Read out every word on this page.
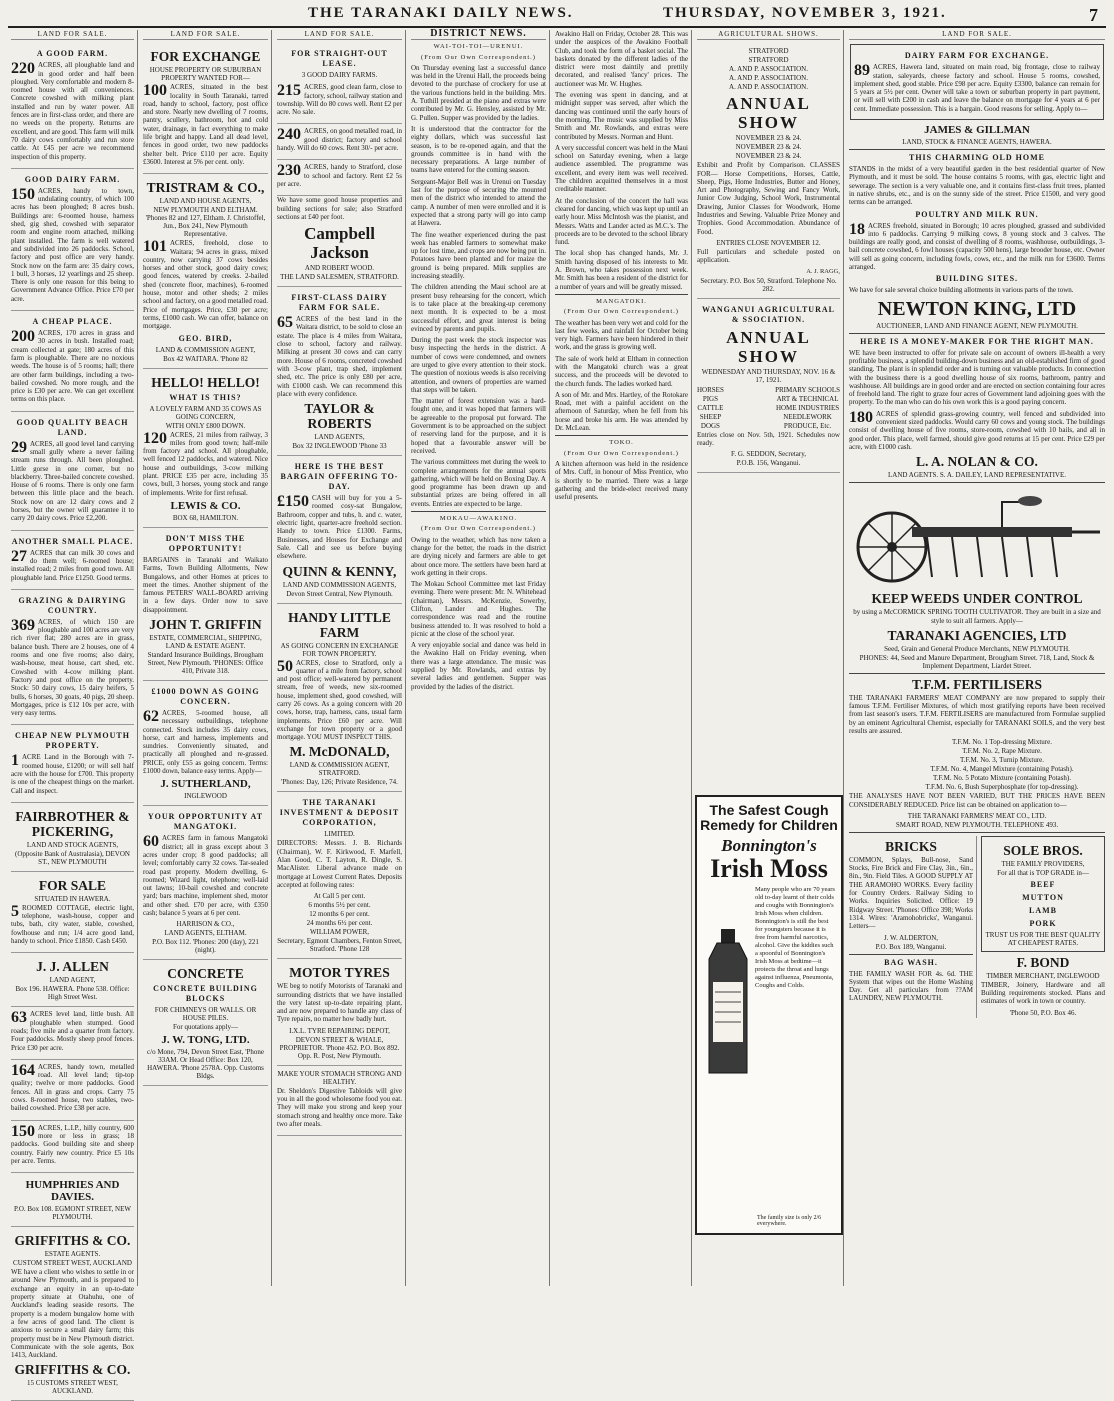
THE TARANAKI DAILY NEWS.	THURSDAY, NOVEMBER 3, 1921.	7
LAND FOR SALE.
A GOOD FARM.

220 ACRES, all ploughable land and in good order and half been ploughed. Very comfortable and modern 8-roomed house with all conveniences. Concrete cowshed with milking plant installed and run by water power. All fences are in first-class order, and there are no weeds on the property. Returns are excellent, and are good. This farm will milk 70 dairy cows comfortably and run store cattle. At £45 per acre we recommend inspection of this property.

GOOD DAIRY FARM.

150 ACRES, handy to town, undulating country, of which 100 acres has been ploughed; 8 acres bush. Buildings are: 6-roomed house, harness shed, gig shed, cowshed with separator room and engine room attached, milking plant installed. The farm is well watered and subdivided into 26 paddocks. School, factory and post office are very handy. Stock now on the farm are: 35 dairy cows, 1 bull, 3 horses, 12 yearlings and 25 sheep. There is only one reason for this being to Government Advance Office. Price £70 per acre.

A CHEAP PLACE.

200 ACRES, 170 acres in grass and 30 acres in bush. Installed road; cream collected at gate; 180 acres of this farm is ploughable. There are no noxious weeds. The house is of 5 rooms; hall; there are other farm buildings, including a two-bailed cowshed. No more rough, and the price is £30 per acre. We can get excellent terms on this place.

GOOD QUALITY BEACH LAND.

29 ACRES, all good level land carrying small gully where a never failing stream runs through. All been ploughed. Little gorse in one corner, but no blackberry. Three-bailed concrete cowshed. House of 6 rooms. There is only one farm between this little place and the beach. Stock now on are 12 dairy cows and 2 horses, but the owner will guarantee it to carry 20 dairy cows. Price £2,200.

ANOTHER SMALL PLACE.

27 ACRES that can milk 30 cows and do them well; 6-roomed house; installed road; 2 miles from good town. All ploughable land. Price £1250. Good terms.

GRAZING & DAIRYING COUNTRY.

369 ACRES, of which 150 are ploughable and 100 acres are very rich river flat; 280 acres are in grass, balance bush. There are 2 houses, one of 4 rooms and one five rooms; also dairy, wash-house, meat house, cart shed, etc. Cowshed with 4-cow milking plant. Factory and post office on the property. Stock: 50 dairy cows, 15 dairy heifers, 5 bulls, 6 horses, 30 goats, 40 pigs, 20 sheep. Mortgages, price is £12 10s per acre, with very easy terms.

CHEAP NEW PLYMOUTH PROPERTY.

1 ACRE Land in the Borough with 7-roomed house, £1200; or will sell half acre with the house for £700. This property is one of the cheapest things on the market. Call and inspect.

FAIRBROTHER & PICKERING,
LAND AND STOCK AGENTS,
(Opposite Bank of Australasia), DEVON ST., NEW PLYMOUTH
FOR SALE
SITUATED IN HAWERA.

5 ROOMED COTTAGE, electric light, telephone, wash-house, copper and tubs, bath, city water, stable, cowshed, fowlhouse and run; 1/4 acre good land, handy to school. Price £1850. Cash £450.

J. J. ALLEN
LAND AGENT,
Box 196. HAWERA. Phone 538. Office: High Street West.

63 ACRES level land, little bush. All ploughable when stumped. Good roads; five mile and a quarter from factory. Four paddocks. Mostly sheep proof fences. Price £30 per acre.

164 ACRES, handy town, metalled road. All level land; tip-top quality; twelve or more paddocks. Good fences. All in grass and crops. Carry 75 cows. 8-roomed house, two stables, two-bailed cowshed. Price £38 per acre.

150 ACRES, L.I.P., hilly country, 600 more or less in grass; 18 paddocks. Good building site and sheep country. Fairly new country. Price £5 10s per acre. Terms.

HUMPHRIES AND DAVIES.
P.O. Box 108. EGMONT STREET, NEW PLYMOUTH.
GRIFFITHS & CO.
ESTATE AGENTS.
CUSTOM STREET WEST, AUCKLAND

WE have a client who wishes to settle in or around New Plymouth, and is prepared to exchange an equity in an up-to-date property situate at Otahuhu, one of Auckland's leading seaside resorts. The property is a modern bungalow home with a few acres of good land. The client is anxious to secure a small dairy farm; this property must be in New Plymouth district. Communicate with the sole agents, Box 1413, Auckland.

GRIFFITHS & CO.
15 CUSTOMS STREET WEST, AUCKLAND.
LAND FOR SALE.
FOR EXCHANGE
HOUSE PROPERTY OR SUBURBAN PROPERTY WANTED FOR—

100 ACRES, situated in the best locality in South Taranaki, tarred road, handy to school, factory, post office and store. Nearly new dwelling of 7 rooms, pantry, scullery, bathroom, hot and cold water, drainage, in fact everything to make life bright and happy. Land all dead level, fences in good order, two new paddocks shelter belt. Price £110 per acre. Equity £3600. Interest at 5% per cent. only.

TRISTRAM & CO.,
LAND AND HOUSE AGENTS,
NEW PLYMOUTH AND ELTHAM. 'Phones 82 and 127, Eltham. J. Christoffel, Jun., Box 241, New Plymouth Representative.

101 ACRES, freehold, close to Waitara; 94 acres in grass, mixed country, now carrying 37 cows besides horses and other stock, good dairy cows; good fences, watered by creeks. 2-bailed shed (concrete floor, machines), 6-roomed house, motor and other sheds; 2 miles school and factory, on a good metalled road. Price of mortgages. Price, £30 per acre; terms, £1000 cash. We can offer, balance on mortgage.

GEO. BIRD,
LAND & COMMISSION AGENT,
Box 42 WAITARA. 'Phone 82
HELLO! HELLO!
WHAT IS THIS?
A LOVELY FARM AND 35 COWS AS GOING CONCERN,
WITH ONLY £800 DOWN.

120 ACRES, 21 miles from railway, 3 miles from good town; half-mile from factory and school. All ploughable, well fenced 12 paddocks, and watered. Nice house and outbuildings, 3-cow milking plant. PRICE £35 per acre, including 35 cows, bull, 3 horses, young stock and range of implements. Write for first refusal.

LEWIS & CO.
BOX 68, HAMILTON.
DON'T MISS THE OPPORTUNITY!

BARGAINS in Taranaki and Waikato Farms, Town Building Allotments, New Bungalows, and other Homes at prices to meet the times. Another shipment of the famous PETERS' WALL-BOARD arriving in a few days. Order now to save disappointment.

JOHN T. GRIFFIN
ESTATE, COMMERCIAL, SHIPPING, LAND & ESTATE AGENT.
Standard Insurance Buildings, Brougham Street, New Plymouth. 'PHONES: Office 410, Private 318.
£1000 DOWN AS GOING CONCERN.

62 ACRES, 5-roomed house, all necessary outbuildings, telephone connected. Stock includes 35 dairy cows, horse, cart and harness, implements and sundries. Conveniently situated, and practically all ploughed and re-grassed. PRICE, only £55 as going concern. Terms: £1000 down, balance easy terms. Apply—

J. SUTHERLAND,
INGLEWOOD
YOUR OPPORTUNITY AT MANGATOKI.

60 ACRES farm in famous Mangatoki district; all in grass except about 3 acres under crop; 8 good paddocks; all level; comfortably carry 32 cows. Tar-sealed road past property. Modern dwelling, 6-roomed; Wizard light, telephone; well-laid out lawns; 10-bail cowshed and concrete yard; bars machine, implement shed, motor and other shed. £70 per acre, with £350 cash; balance 5 years at 6 per cent.

HARRISON & CO.,
LAND AGENTS, ELTHAM.
P.O. Box 112. 'Phones: 200 (day), 221 (night).
CONCRETE
CONCRETE BUILDING BLOCKS
FOR CHIMNEYS OR WALLS. OR HOUSE PILES.
For quotations apply—
J. W. TONG, LTD.
c/o Mone, 794, Devon Street East, 'Phone 33AM. Or Head Office: Box 120, HAWERA. 'Phone 2578A. Opp. Customs Bldgs.
LAND FOR SALE.
FOR STRAIGHT-OUT LEASE.
3 GOOD DAIRY FARMS.

215 ACRES, good clean farm, close to factory, school, railway station and township. Will do 80 cows well. Rent £2 per acre. No sale.

240 ACRES, on good metalled road, in good district; factory and school handy. Will do 60 cows. Rent 30/- per acre.

230 ACRES, handy to Stratford, close to school and factory. Rent £2 5s per acre.

We have some good house properties and building sections for sale; also Stratford sections at £40 per foot.

Campbell Jackson
AND ROBERT WOOD.
THE LAND SALESMEN, STRATFORD.
FIRST-CLASS DAIRY FARM FOR SALE.

65 ACRES of the best land in the Waitara district, to be sold to close an estate. The place is 4 miles from Waitara, close to school, factory and railway. Milking at present 30 cows and can carry more. House of 6 rooms, concreted cowshed with 3-cow plant, trap shed, implement shed, etc. The price is only £80 per acre, with £1000 cash. We can recommend this place with every confidence.

TAYLOR & ROBERTS
LAND AGENTS,
Box 32 INGLEWOOD 'Phone 33
HERE IS THE BEST BARGAIN OFFERING TO-DAY.

£150 CASH will buy for you a 5-roomed cosy-sat Bungalow, Bathroom, copper and tubs, h. and c. water, electric light, quarter-acre freehold section. Handy to town. Price £1300. Farms, Businesses, and Houses for Exchange and Sale. Call and see us before buying elsewhere.

QUINN & KENNY,
LAND AND COMMISSION AGENTS,
Devon Street Central, New Plymouth.
HANDY LITTLE FARM
AS GOING CONCERN IN EXCHANGE FOR TOWN PROPERTY.

50 ACRES, close to Stratford, only a quarter of a mile from factory, school and post office; well-watered by permanent stream, free of weeds, new six-roomed house, implement shed, good cowshed, will carry 26 cows. As a going concern with 20 cows, horse, trap, harness, cans, usual farm implements. Price £60 per acre. Will exchange for town property or a good mortgage. YOU MUST INSPECT THIS.

M. McDONALD,
LAND & COMMISSION AGENT, STRATFORD.
'Phones: Day, 126; Private Residence, 74.
THE TARANAKI INVESTMENT & DEPOSIT CORPORATION,
LIMITED.

DIRECTORS: Messrs. J. B. Richards (Chairman), W. F. Kirkwood, F. Marfell, Alan Good, C. T. Layton, R. Dingle, S. MacAlister. Liberal advance made on mortgage at Lowest Current Rates. Deposits accepted at following rates:

At Call 5 per cent.
6 months 5½ per cent.
12 months 6 per cent.
24 months 6½ per cent.
WILLIAM POWER,
Secretary, Egmont Chambers, Fenton Street, Stratford. 'Phone 128
MOTOR TYRES

WE beg to notify Motorists of Taranaki and surrounding districts that we have installed the very latest up-to-date repairing plant, and are now prepared to handle any class of Tyre repairs, no matter how badly hurt.

I.X.L. TYRE REPAIRING DEPOT,
DEVON STREET & WHALE, PROPRIETOR. 'Phone 452. P.O. Box 892. Opp. R. Post, New Plymouth.
MAKE YOUR STOMACH STRONG AND HEALTHY.

Dr. Sheldon's Digestive Tabloids will give you in all the good wholesome food you eat. They will make you strong and keep your stomach strong and healthy once more. Take two after meals.

DISTRICT NEWS.
WAI-TOI-TOI—URENUI.
(From Our Own Correspondent.)

On Thursday evening last a successful dance was held in the Urenui Hall, the proceeds being devoted to the purchase of crockery for use at the various functions held in the building. Mrs. A. Tuthill presided at the piano and extras were contributed by Mr. G. Hensley, assisted by Mr. G. Pullen. Supper was provided by the ladies.

It is understood that the contractor for the eighty dollars, which was successful last season, is to be re-opened again, and that the grounds committee is in hand with the necessary preparations. A large number of teams have entered for the coming season.

Sergeant-Major Bell was in Urenui on Tuesday last for the purpose of securing the mounted men of the district who intended to attend the camp. A number of men were enrolled and it is expected that a strong party will go into camp at Hawera.

The fine weather experienced during the past week has enabled farmers to somewhat make up for lost time, and crops are now being put in. Potatoes have been planted and for maize the ground is being prepared. Milk supplies are increasing steadily.

The children attending the Maui school are at present busy rehearsing for the concert, which is to take place at the breaking-up ceremony next month. It is expected to be a most successful effort, and great interest is being evinced by parents and pupils.

During the past week the stock inspector was busy inspecting the herds in the district. A number of cows were condemned, and owners are urged to give every attention to their stock. The question of noxious weeds is also receiving attention, and owners of properties are warned that steps will be taken.

The matter of forest extension was a hard-fought one, and it was hoped that farmers will be agreeable to the proposal put forward. The Government is to be approached on the subject of reserving land for the purpose, and it is hoped that a favourable answer will be received.

The various committees met during the week to complete arrangements for the annual sports gathering, which will be held on Boxing Day. A good programme has been drawn up and substantial prizes are being offered in all events. Entries are expected to be large.

MOKAU—AWAKINO.
(From Our Own Correspondent.)

Owing to the weather, which has now taken a change for the better, the roads in the district are drying nicely and farmers are able to get about once more. The settlers have been hard at work getting in their crops.

The Mokau School Committee met last Friday evening. There were present: Mr. N. Whitehead (chairman), Messrs. McKenzie, Sowerby, Clifton, Lander and Hughes. The correspondence was read and the routine business attended to. It was resolved to hold a picnic at the close of the school year.

A very enjoyable social and dance was held in the Awakino Hall on Friday evening, when there was a large attendance. The music was supplied by Mr. Rowlands, and extras by several ladies and gentlemen. Supper was provided by the ladies of the district.

Awakino Hall on Friday, October 28. This was under the auspices of the Awakino Football Club, and took the form of a basket social. The baskets donated by the different ladies of the district were most daintily and prettily decorated, and realised 'fancy' prices. The auctioneer was Mr. W. Hughes.

The evening was spent in dancing, and at midnight supper was served, after which the dancing was continued until the early hours of the morning. The music was supplied by Miss Smith and Mr. Rowlands, and extras were contributed by Messrs. Norman and Hunt.

A very successful concert was held in the Maui school on Saturday evening, when a large audience assembled. The programme was excellent, and every item was well received. The children acquitted themselves in a most creditable manner.

At the conclusion of the concert the hall was cleared for dancing, which was kept up until an early hour. Miss McIntosh was the pianist, and Messrs. Watts and Lander acted as M.C.'s. The proceeds are to be devoted to the school library fund.

The local shop has changed hands, Mr. J. Smith having disposed of his interests to Mr. A. Brown, who takes possession next week. Mr. Smith has been a resident of the district for a number of years and will be greatly missed.

MANGATOKI.
(From Our Own Correspondent.)

The weather has been very wet and cold for the last few weeks, and rainfall for October being very high. Farmers have been hindered in their work, and the grass is growing well.

The sale of work held at Eltham in connection with the Mangatoki church was a great success, and the proceeds will be devoted to the church funds. The ladies worked hard.

A son of Mr. and Mrs. Hartley, of the Rotokare Road, met with a painful accident on the afternoon of Saturday, when he fell from his horse and broke his arm. He was attended by Dr. McLean.

TOKO.
(From Our Own Correspondent.)

A kitchen afternoon was held in the residence of Mrs. Cuff, in honour of Miss Prentice, who is shortly to be married. There was a large gathering and the bride-elect received many useful presents.

AGRICULTURAL SHOWS.
STRATFORD
STRATFORD
A. AND P. ASSOCIATION.
A. AND P. ASSOCIATION.
A. AND P. ASSOCIATION.
ANNUAL SHOW
NOVEMBER 23 & 24.
NOVEMBER 23 & 24.
NOVEMBER 23 & 24.

Exhibit and Profit by Comparison. CLASSES FOR— Horse Competitions, Horses, Cattle, Sheep, Pigs, Home Industries, Butter and Honey, Art and Photography, Sewing and Fancy Work, Junior Cow Judging, School Work, Instrumental Drawing, Junior Classes for Woodwork, Home Industries and Sewing. Valuable Prize Money and Trophies. Good Accommodation. Abundance of Food.

ENTRIES CLOSE NOVEMBER 12.

Full particulars and schedule posted on application.

A. J. RAGG,
Secretary. P.O. Box 50, Stratford. Telephone No. 282.
WANGANUI AGRICULTURAL & SSOCIATION.
ANNUAL SHOW
WEDNESDAY AND THURSDAY, NOV. 16 & 17, 1921.
HORSES
PIGS
CATTLE
SHEEP
DOGS
PRIMARY SCHOOLS
ART & TECHNICAL
HOME INDUSTRIES
NEEDLEWORK
PRODUCE, Etc.

Entries close on Nov. 5th, 1921. Schedules now ready.

F. G. SEDDON, Secretary,
P.O.B. 156, Wanganui.
The Safest Cough Remedy for Children
Bonnington's
Irish Moss

Many people who are 70 years old to-day learnt of their colds and coughs with Bonnington's Irish Moss when children. Bonnington's is still the best for youngsters because it is free from harmful narcotics, alcohol. Give the kiddies such a spoonful of Bonnington's Irish Moss at bedtime—it protects the throat and lungs against influenza, Pneumonia, Coughs and Colds.

The family size is only 2/6 everywhere.
LAND FOR SALE.
DAIRY FARM FOR EXCHANGE.

89 ACRES, Hawera land, situated on main road, big frontage, close to railway station, saleyards, cheese factory and school. House 5 rooms, cowshed, implement shed, good stable. Price £98 per acre. Equity £3300, balance can remain for 5 years at 5½ per cent. Owner will take a town or suburban property in part payment, or will sell with £200 in cash and leave the balance on mortgage for 4 years at 6 per cent. Immediate possession. This is a bargain. Good reasons for selling. Apply to—

JAMES & GILLMAN
LAND, STOCK & FINANCE AGENTS, HAWERA.
THIS CHARMING OLD HOME

STANDS in the midst of a very beautiful garden in the best residential quarter of New Plymouth, and it must be sold. The house contains 5 rooms, with gas, electric light and sewerage. The section is a very valuable one, and it contains first-class fruit trees, planted in native shrubs, etc., and is on the sunny side of the street. Price £1500, and very good terms can be arranged.

POULTRY AND MILK RUN.

18 ACRES freehold, situated in Borough; 10 acres ploughed, grassed and subdivided into 6 paddocks. Carrying 9 milking cows, 8 young stock and 3 calves. The buildings are really good, and consist of dwelling of 8 rooms, washhouse, outbuildings, 3-bail concrete cowshed, 6 fowl houses (capacity 500 hens), large brooder house, etc. Owner will sell as going concern, including fowls, cows, etc., and the milk run for £3600. Terms arranged.

BUILDING SITES.

We have for sale several choice building allotments in various parts of the town.

NEWTON KING, LTD
AUCTIONEER, LAND AND FINANCE AGENT, NEW PLYMOUTH.
HERE IS A MONEY-MAKER FOR THE RIGHT MAN.

WE have been instructed to offer for private sale on account of owners ill-health a very profitable business, a splendid building-down business and an old-established firm of good standing. The plant is in splendid order and is turning out valuable products. In connection with the business there is a good dwelling house of six rooms, bathroom, pantry and washhouse. All buildings are in good order and are erected on section containing four acres of freehold land. The right to graze four acres of Government land adjoining goes with the property. To the man who can do his own work this is a good paying concern.

180 ACRES of splendid grass-growing country, well fenced and subdivided into convenient sized paddocks. Would carry 60 cows and young stock. The buildings consist of dwelling house of five rooms, store-room, cowshed with 10 bails, and all in good order. This place, well farmed, should give good returns at 15 per cent. Price £29 per acre, with £1000 cash.

L. A. NOLAN & CO.
LAND AGENTS. S. A. DAILEY, LAND REPRESENTATIVE.
KEEP WEEDS UNDER CONTROL

by using a McCORMICK SPRING TOOTH CULTIVATOR. They are built in a size and style to suit all farmers. Apply—

TARANAKI AGENCIES, LTD
Seed, Grain and General Produce Merchants, NEW PLYMOUTH.
PHONES: 44, Seed and Manure Department, Brougham Street. 718, Land, Stock & Implement Department, Liardet Street.
T.F.M. FERTILISERS

THE TARANAKI FARMERS' MEAT COMPANY are now prepared to supply their famous T.F.M. Fertiliser Mixtures, of which most gratifying reports have been received from last season's users. T.F.M. FERTILISERS are manufactured from Formulae supplied by an eminent Agricultural Chemist, especially for TARANAKI SOILS, and the very best results are assured.

T.F.M. No. 1 Top-dressing Mixture.
T.F.M. No. 2, Rape Mixture.
T.F.M. No. 3, Turnip Mixture.
T.F.M. No. 4, Mangel Mixture (containing Potash).
T.F.M. No. 5 Potato Mixture (containing Potash).
T.F.M. No. 6, Bush Superphosphate (for top-dressing).

THE ANALYSES HAVE NOT BEEN VARIED, BUT THE PRICES HAVE BEEN CONSIDERABLY REDUCED. Price list can be obtained on application to—

THE TARANAKI FARMERS' MEAT CO., LTD.
SMART ROAD, NEW PLYMOUTH. TELEPHONE 493.
BRICKS

COMMON, Splays, Bull-nose, Sand Stocks, Fire Brick and Fire Clay, 3in., 6in., 8in., 9in. Field Tiles. A GOOD SUPPLY AT THE ARAMOHO WORKS. Every facility for Country Orders. Railway Siding to Works. Inquiries Solicited. Office: 19 Ridgway Street. 'Phones: Office 398; Works 1314. Wires: 'Aramohobricks', Wanganui. Letters—

J. W. ALDERTON,
P.O. Box 189, Wanganui.
BAG WASH.

THE FAMILY WASH FOR 4s. 6d. THE System that wipes out the Home Washing Day. Get all particulars from ??AM LAUNDRY, NEW PLYMOUTH.

SOLE BROS.
THE FAMILY PROVIDERS,
For all that is TOP GRADE in—
BEEF
MUTTON
LAMB
PORK
TRUST US FOR THE BEST QUALITY AT CHEAPEST RATES.
F. BOND
TIMBER MERCHANT, INGLEWOOD

TIMBER, Joinery, Hardware and all Building requirements stocked. Plans and estimates of work in town or country.

'Phone 50, P.O. Box 46.
